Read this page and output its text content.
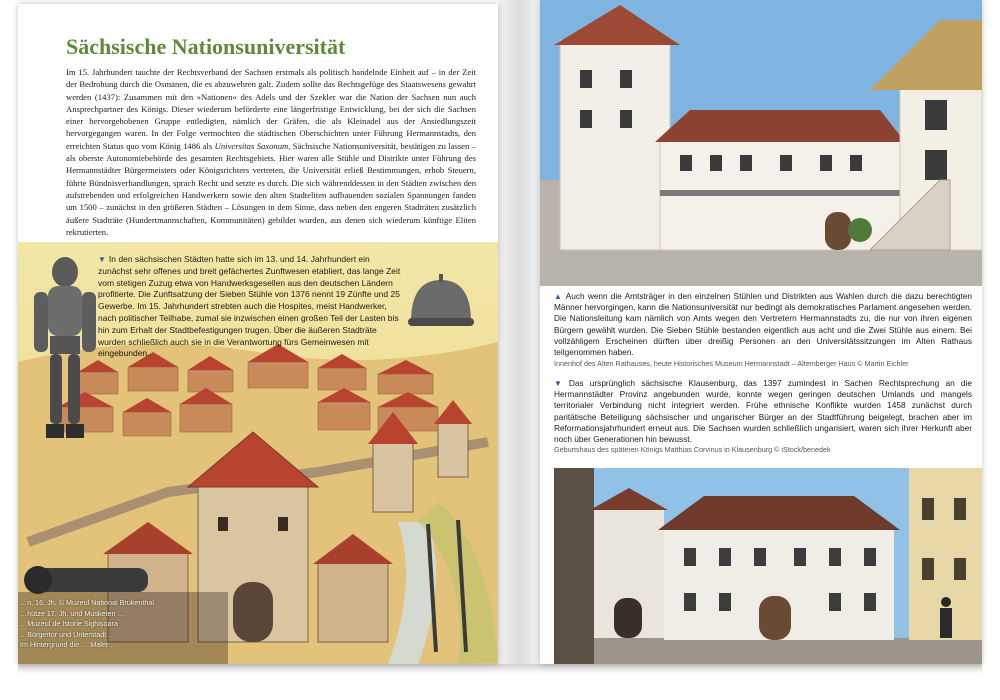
Sächsische Nationsuniversität
Im 15. Jahrhundert tauchte der Rechtsverband der Sachsen erstmals als politisch handelnde Einheit auf – in der Zeit der Bedrohung durch die Osmanen, die es abzuwehren galt. Zudem sollte das Rechtsgefüge des Staatswesens gewahrt werden (1437): Zusammen mit den »Nationen« des Adels und der Szekler war die Nation der Sachsen nun auch Ansprechpartner des Königs. Dieser wiederum beförderte eine längerfristige Entwicklung, bei der sich die Sachsen einer hervorgehobenen Gruppe entledigten, nämlich der Gräfen, die als Kleinadel aus der Ansiedlungszeit hervorgegangen waren. In der Folge vermochten die städtischen Oberschichten unter Führung Hermannstadts, den erreichten Status quo vom König 1486 als Universitas Saxonum, Sächsische Nationsuniversität, bestätigen zu lassen – als oberste Autonomiebehörde des gesamten Rechtsgebiets. Hier waren alle Stühle und Distrikte unter Führung des Hermannstädter Bürgermeisters oder Königsrichters vertreten, die Universität erließ Bestimmungen, erhob Steuern, führte Bündnisverhandlungen, sprach Recht und setzte es durch. Die sich währenddessen in den Städten zwischen den aufstrebenden und erfolgreichen Handwerkern sowie den alten Stadteliten aufbauenden sozialen Spannungen fanden um 1500 – zunächst in den größeren Städten – Lösungen in dem Sinne, dass neben den engeren Stadträten zusätzlich äußere Stadträte (Hundertmannschaften, Kommunitäten) gebildet wurden, aus denen sich wiederum künftige Eliten rekrutierten.
▼ In den sächsischen Städten hatte sich im 13. und 14. Jahrhundert ein zunächst sehr offenes und breit gefächertes Zunftwesen etabliert, das lange Zeit vom stetigen Zuzug etwa von Handwerksgesellen aus den deutschen Ländern profitierte. Die Zunftsatzung der Sieben Stühle von 1376 nennt 19 Zünfte und 25 Gewerbe. Im 15. Jahrhundert strebten auch die Hospites, meist Handwerker, nach politischer Teilhabe, zumal sie inzwischen einen großen Teil der Lasten bis hin zum Erhalt der Stadtbefestigungen trugen. Über die äußeren Stadträte wurden schließlich auch sie in die Verantwortung fürs Gemeinwesen mit eingebunden.
…n, 16. Jh. © Muzeul National Brukenthal
…hütze 17. Jh. und Musketen …
…Muzeul de Istorie Sighișoara
…Bürgertor und Unterstadt …
Im Hintergrund die … Maler …
▲ Auch wenn die Amtsträger in den einzelnen Stühlen und Distrikten aus Wahlen durch die dazu berechtigten Männer hervorgingen, kann die Nationsuniversität nur bedingt als demokratisches Parlament angesehen werden. Die Nationsleitung kam nämlich von Amts wegen den Vertretern Hermannstadts zu, die nur von ihren eigenen Bürgern gewählt wurden. Die Sieben Stühle bestanden eigentlich aus acht und die Zwei Stühle aus einem. Bei vollzähligem Erscheinen dürften über dreißig Personen an den Universitätssitzungen im Alten Rathaus teilgenommen haben.
Innenhof des Alten Rathauses, heute Historisches Museum Hermannstadt – Altemberger Haus © Martin Eichler
▼ Das ursprünglich sächsische Klausenburg, das 1397 zumindest in Sachen Rechtsprechung an die Hermannstädter Provinz angebunden wurde, konnte wegen geringen deutschen Umlands und mangels territorialer Verbindung nicht integriert werden. Frühe ethnische Konflikte wurden 1458 zunächst durch paritätische Beteiligung sächsischer und ungarischer Bürger an der Stadtführung beigelegt, brachen aber im Reformationsjahrhundert erneut aus. Die Sachsen wurden schließlich ungarisiert, waren sich ihrer Herkunft aber noch über Generationen hin bewusst.
Geburtshaus des späteren Königs Matthias Corvinus in Klausenburg © iStock/benedek
